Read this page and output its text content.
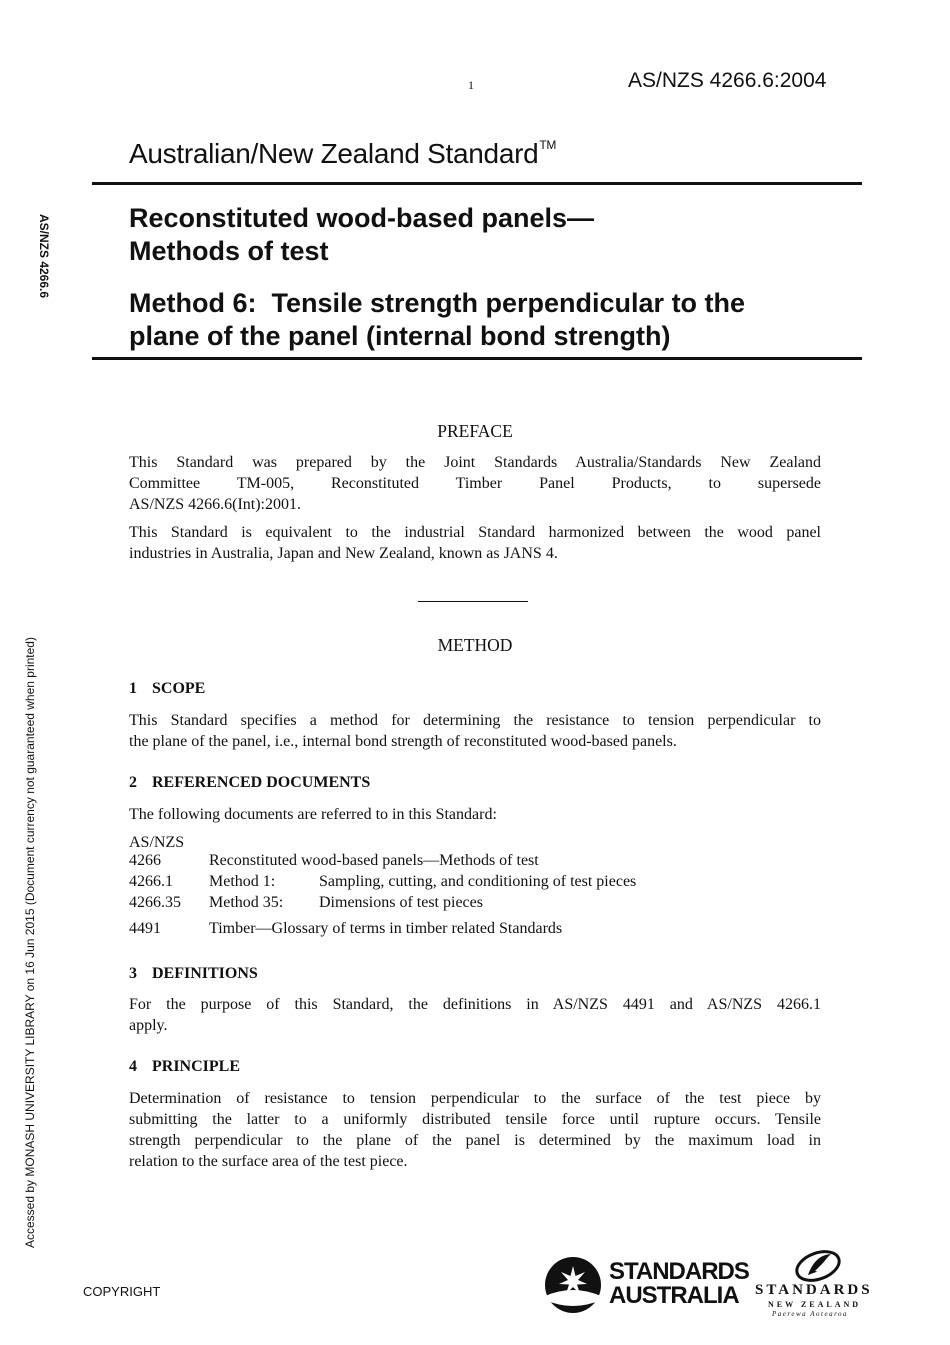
1	AS/NZS 4266.6:2004
Australian/New Zealand Standard™
Reconstituted wood-based panels—
Methods of test
Method 6:  Tensile strength perpendicular to the
plane of the panel (internal bond strength)
AS/NZS 4266.6
Accessed by MONASH UNIVERSITY LIBRARY on 16 Jun 2015 (Document currency not guaranteed when printed)
PREFACE
This Standard was prepared by the Joint Standards Australia/Standards New Zealand
Committee TM-005, Reconstituted Timber Panel Products, to supersede
AS/NZS 4266.6(Int):2001.
This Standard is equivalent to the industrial Standard harmonized between the wood panel
industries in Australia, Japan and New Zealand, known as JANS 4.
METHOD
1 SCOPE
This Standard specifies a method for determining the resistance to tension perpendicular to
the plane of the panel, i.e., internal bond strength of reconstituted wood-based panels.
2 REFERENCED DOCUMENTS
The following documents are referred to in this Standard:
AS/NZS
4266	Reconstituted wood-based panels—Methods of test
4266.1 Method 1:	Sampling, cutting, and conditioning of test pieces
4266.35 Method 35: Dimensions of test pieces
4491	Timber—Glossary of terms in timber related Standards
3 DEFINITIONS
For the purpose of this Standard, the definitions in AS/NZS 4491 and AS/NZS 4266.1
apply.
4 PRINCIPLE
Determination of resistance to tension perpendicular to the surface of the test piece by
submitting the latter to a uniformly distributed tensile force until rupture occurs. Tensile
strength perpendicular to the plane of the panel is determined by the maximum load in
relation to the surface area of the test piece.
COPYRIGHT
STANDARDS
AUSTRALIA	STANDARDS
NEW ZEALAND
Paerewa Aotearoa
